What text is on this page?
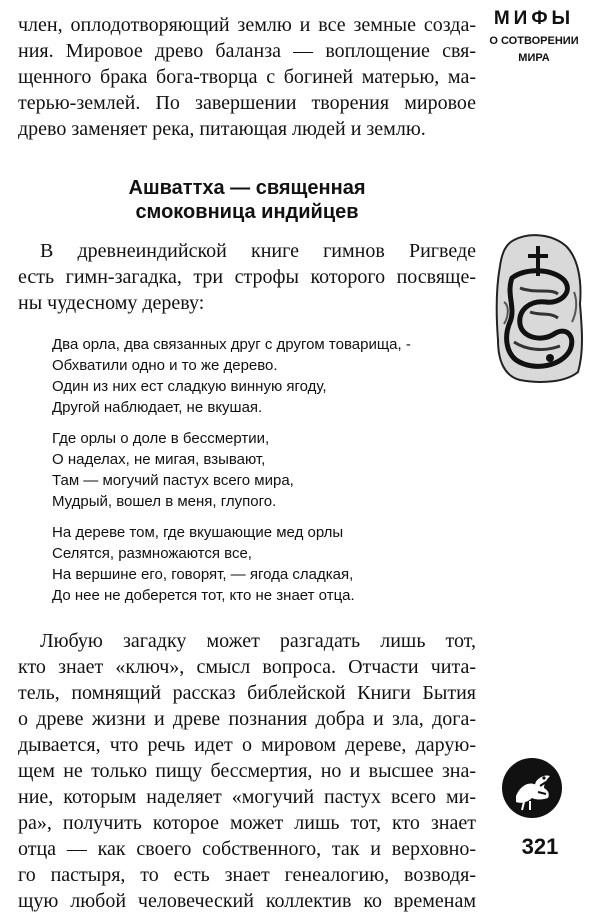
МИФЫ
О СОТВОРЕНИИ
МИРА

член, оплодотворяющий землю и все земные созда-
ния. Мировое древо баланза — воплощение свя-
щенного брака бога-творца с богиней матерью, ма-
терью-землей. По завершении творения мировое
древо заменяет река, питающая людей и землю.

Ашваттха — священная
смоковница индийцев

В древнеиндийской книге гимнов Ригведе
есть гимн-загадка, три строфы которого посвяще-
ны чудесному дереву:

Два орла, два связанных друг с другом товарища, -
Обхватили одно и то же дерево.
Один из них ест сладкую винную ягоду,
Другой наблюдает, не вкушая.
Где орлы о доле в бессмертии,
О наделах, не мигая, взывают,
Там — могучий пастух всего мира,
Мудрый, вошел в меня, глупого.
На дереве том, где вкушающие мед орлы
Селятся, размножаются все,
На вершине его, говорят, — ягода сладкая,
До нее не доберется тот, кто не знает отца.

Любую загадку может разгадать лишь тот,
кто знает «ключ», смысл вопроса. Отчасти чита-
тель, помнящий рассказ библейской Книги Бытия
о древе жизни и древе познания добра и зла, дога-
дывается, что речь идет о мировом дереве, дарую-
щем не только пищу бессмертия, но и высшее зна-
ние, которым наделяет «могучий пастух всего ми-
ра», получить которое может лишь тот, кто знает
отца — как своего собственного, так и верховно-
го пастыря, то есть знает генеалогию, возводя-
щую любой человеческий коллектив ко временам

321
